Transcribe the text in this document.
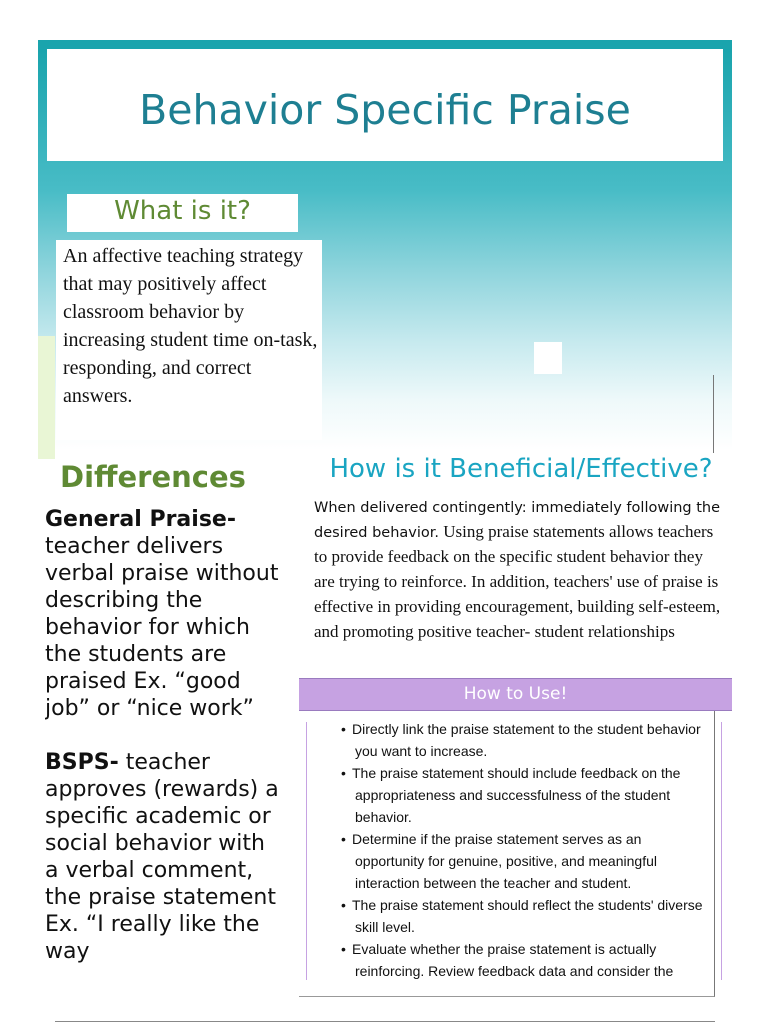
Behavior Specific Praise
What is it?

An affective teaching strategy that may positively affect classroom behavior by increasing student time on-task, responding, and correct answers.

Differences

General Praise- teacher delivers verbal praise without describing the behavior for which the students are praised Ex. “good job” or “nice work”

BSPS- teacher approves (rewards) a specific academic or social behavior with a verbal comment, the praise statement Ex. “I really like the way

How is it Beneficial/Effective?
When delivered contingently: immediately following the desired behavior. Using praise statements allows teachers to provide feedback on the specific student behavior they are trying to reinforce. In addition, teachers' use of praise is effective in providing encouragement, building self-esteem, and promoting positive teacher- student relationships
How to Use!
• Directly link the praise statement to the student behavior you want to increase.
• The praise statement should include feedback on the appropriateness and successfulness of the student behavior.
• Determine if the praise statement serves as an opportunity for genuine, positive, and meaningful interaction between the teacher and student.
• The praise statement should reflect the students' diverse skill level.
• Evaluate whether the praise statement is actually reinforcing. Review feedback data and consider the
